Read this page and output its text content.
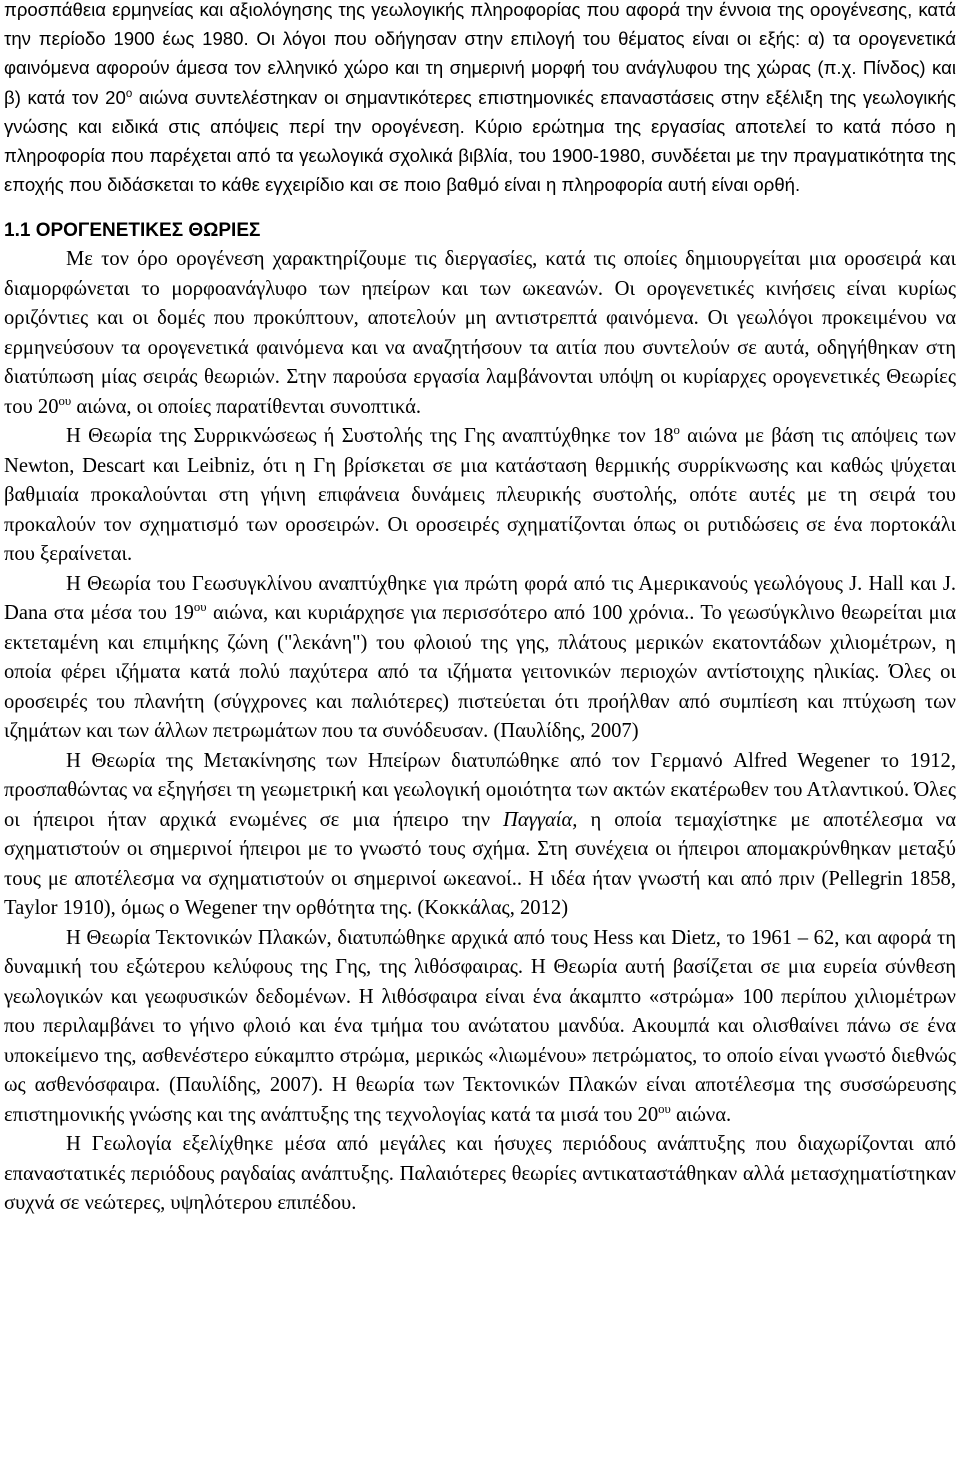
προσπάθεια ερμηνείας και αξιολόγησης της γεωλογικής πληροφορίας που αφορά την έννοια της ορογένεσης, κατά την περίοδο 1900 έως 1980. Οι λόγοι που οδήγησαν στην επιλογή του θέματος είναι οι εξής: α) τα ορογενετικά φαινόμενα αφορούν άμεσα τον ελληνικό χώρο και τη σημερινή μορφή του ανάγλυφου της χώρας (π.χ. Πίνδος) και β) κατά τον $20^o$ αιώνα συντελέστηκαν οι σημαντικότερες επιστημονικές επαναστάσεις στην εξέλιξη της γεωλογικής γνώσης και ειδικά στις απόψεις περί την ορογένεση. Κύριο ερώτημα της εργασίας αποτελεί το κατά πόσο η πληροφορία που παρέχεται από τα γεωλογικά σχολικά βιβλία, του 1900-1980, συνδέεται με την πραγματικότητα της εποχής που διδάσκεται το κάθε εγχειρίδιο και σε ποιο βαθμό είναι η πληροφορία αυτή είναι ορθή.

1.1 ΟΡΟΓΕΝΕΤΙΚΕΣ ΘΩΡΙΕΣ

Με τον όρο ορογένεση χαρακτηρίζουμε τις διεργασίες, κατά τις οποίες δημιουργείται μια οροσειρά και διαμορφώνεται το μορφοανάγλυφο των ηπείρων και των ωκεανών. Οι ορογενετικές κινήσεις είναι κυρίως οριζόντιες και οι δομές που προκύπτουν, αποτελούν μη αντιστρεπτά φαινόμενα. Οι γεωλόγοι προκειμένου να ερμηνεύσουν τα ορογενετικά φαινόμενα και να αναζητήσουν τα αιτία που συντελούν σε αυτά, οδηγήθηκαν στη διατύπωση μίας σειράς θεωριών. Στην παρούσα εργασία λαμβάνονται υπόψη οι κυρίαρχες ορογενετικές Θεωρίες του $20^{o\upsilon}$ αιώνα, οι οποίες παρατίθενται συνοπτικά.

Η Θεωρία της Συρρικνώσεως ή Συστολής της Γης αναπτύχθηκε τον $18^o$ αιώνα με βάση τις απόψεις των Newton, Descart και Leibniz, ότι η Γη βρίσκεται σε μια κατάσταση θερμικής συρρίκνωσης και καθώς ψύχεται βαθμιαία προκαλούνται στη γήινη επιφάνεια δυνάμεις πλευρικής συστολής, οπότε αυτές με τη σειρά του προκαλούν τον σχηματισμό των οροσειρών. Οι οροσειρές σχηματίζονται όπως οι ρυτιδώσεις σε ένα πορτοκάλι που ξεραίνεται.

Η Θεωρία του Γεωσυγκλίνου αναπτύχθηκε για πρώτη φορά από τις Αμερικανούς γεωλόγους J. Hall και J. Dana στα μέσα του $19^{o\upsilon}$ αιώνα, και κυριάρχησε για περισσότερο από 100 χρόνια.. Το γεωσύγκλινο θεωρείται μια εκτεταμένη και επιμήκης ζώνη ("λεκάνη") του φλοιού της γης, πλάτους μερικών εκατοντάδων χιλιομέτρων, η οποία φέρει ιζήματα κατά πολύ παχύτερα από τα ιζήματα γειτονικών περιοχών αντίστοιχης ηλικίας. Όλες οι οροσειρές του πλανήτη (σύγχρονες και παλιότερες) πιστεύεται ότι προήλθαν από συμπίεση και πτύχωση των ιζημάτων και των άλλων πετρωμάτων που τα συνόδευσαν. (Παυλίδης, 2007)

Η Θεωρία της Μετακίνησης των Ηπείρων διατυπώθηκε από τον Γερμανό Alfred Wegener το 1912, προσπαθώντας να εξηγήσει τη γεωμετρική και γεωλογική ομοιότητα των ακτών εκατέρωθεν του Ατλαντικού. Όλες οι ήπειροι ήταν αρχικά ενωμένες σε μια ήπειρο την Παγγαία, η οποία τεμαχίστηκε με αποτέλεσμα να σχηματιστούν οι σημερινοί ήπειροι με το γνωστό τους σχήμα. Στη συνέχεια οι ήπειροι απομακρύνθηκαν μεταξύ τους με αποτέλεσμα να σχηματιστούν οι σημερινοί ωκεανοί.. Η ιδέα ήταν γνωστή και από πριν (Pellegrin 1858, Taylor 1910), όμως ο Wegener την ορθότητα της. (Κοκκάλας, 2012)

Η Θεωρία Τεκτονικών Πλακών, διατυπώθηκε αρχικά από τους Hess και Dietz, το 1961 – 62, και αφορά τη δυναμική του εξώτερου κελύφους της Γης, της λιθόσφαιρας. Η Θεωρία αυτή βασίζεται σε μια ευρεία σύνθεση γεωλογικών και γεωφυσικών δεδομένων. Η λιθόσφαιρα είναι ένα άκαμπτο «στρώμα» 100 περίπου χιλιομέτρων που περιλαμβάνει το γήινο φλοιό και ένα τμήμα του ανώτατου μανδύα. Ακουμπά και ολισθαίνει πάνω σε ένα υποκείμενο της, ασθενέστερο εύκαμπτο στρώμα, μερικώς «λιωμένου» πετρώματος, το οποίο είναι γνωστό διεθνώς ως ασθενόσφαιρα. (Παυλίδης, 2007). Η θεωρία των Τεκτονικών Πλακών είναι αποτέλεσμα της συσσώρευσης επιστημονικής γνώσης και της ανάπτυξης της τεχνολογίας κατά τα μισά του $20^{o\upsilon}$ αιώνα.

Η Γεωλογία εξελίχθηκε μέσα από μεγάλες και ήσυχες περιόδους ανάπτυξης που διαχωρίζονται από επαναστατικές περιόδους ραγδαίας ανάπτυξης. Παλαιότερες θεωρίες αντικαταστάθηκαν αλλά μετασχηματίστηκαν συχνά σε νεώτερες, υψηλότερου επιπέδου.
